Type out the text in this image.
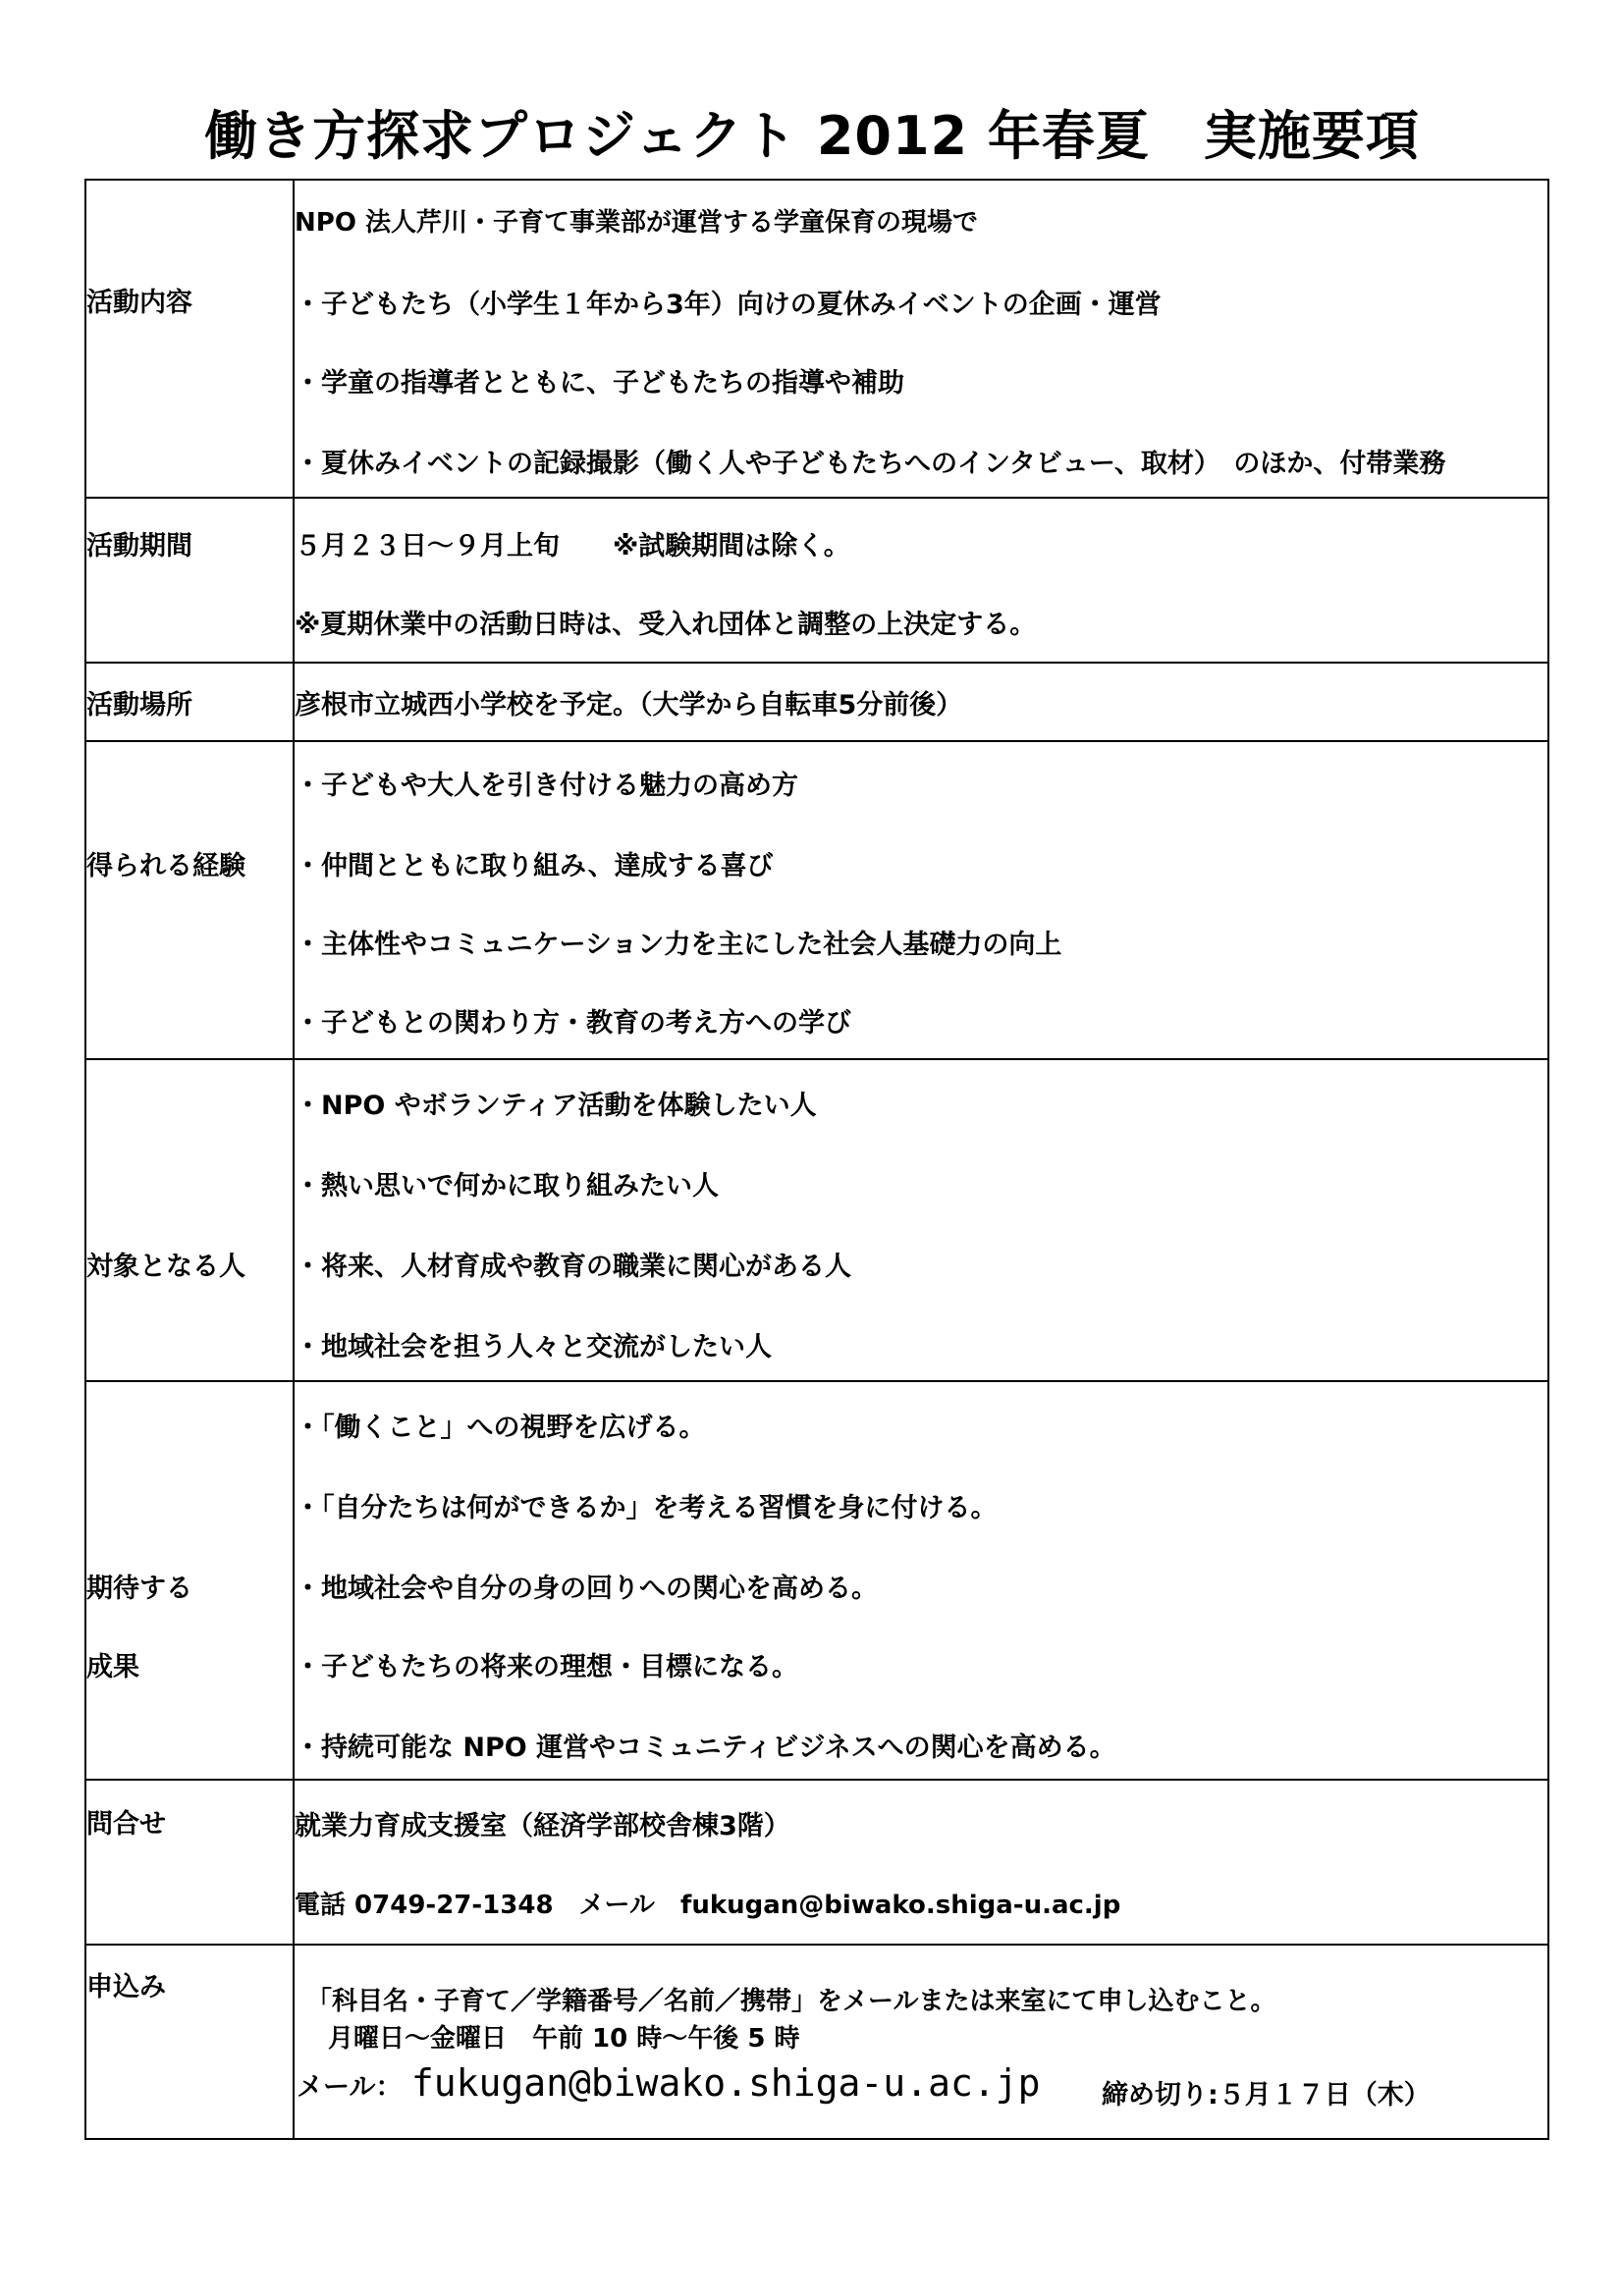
働き方探求プロジェクト 2012 年春夏　実施要項
活動内容	NPO 法人芹川・子育て事業部が運営する学童保育の現場で
・子どもたち（小学生１年から3年）向けの夏休みイベントの企画・運営
・学童の指導者とともに、子どもたちの指導や補助
・夏休みイベントの記録撮影（働く人や子どもたちへのインタビュー、取材）　のほか、付帯業務

活動期間	５月２３日～９月上旬　　※試験期間は除く。
※夏期休業中の活動日時は、受入れ団体と調整の上決定する。

活動場所	彦根市立城西小学校を予定。（大学から自転車5分前後）

得られる経験	・子どもや大人を引き付ける魅力の高め方
・仲間とともに取り組み、達成する喜び
・主体性やコミュニケーション力を主にした社会人基礎力の向上
・子どもとの関わり方・教育の考え方への学び

対象となる人	・NPO やボランティア活動を体験したい人
・熱い思いで何かに取り組みたい人
・将来、人材育成や教育の職業に関心がある人
・地域社会を担う人々と交流がしたい人

期待する
成果	・「働くこと」への視野を広げる。
・「自分たちは何ができるか」を考える習慣を身に付ける。
・地域社会や自分の身の回りへの関心を高める。
・子どもたちの将来の理想・目標になる。
・持続可能な NPO 運営やコミュニティビジネスへの関心を高める。

問合せ	就業力育成支援室（経済学部校舎棟3階）
電話 0749-27-1348　メール　fukugan@biwako.shiga-u.ac.jp

申込み	「科目名・子育て／学籍番号／名前／携帯」をメールまたは来室にて申し込むこと。
月曜日～金曜日　午前 10 時～午後 5 時
メール： fukugan@biwako.shiga-u.ac.jp 締め切り:５月１７日（木）
